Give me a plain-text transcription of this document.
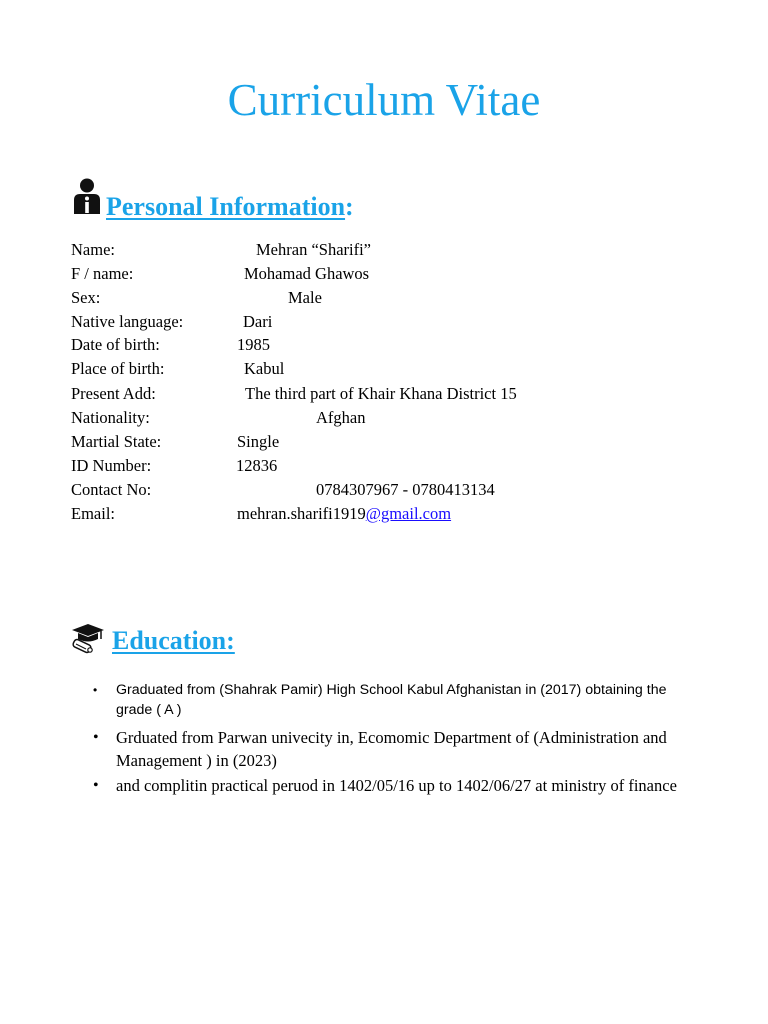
Curriculum Vitae
Personal Information :
Name:	Mehran “Sharifi”
F / name:	Mohamad Ghawos
Sex:	Male
Native language:	Dari
Date of birth:	1985
Place of birth:	Kabul
Present Add:	The third part of Khair Khana District 15
Nationality:	Afghan
Martial State:	Single
ID Number:	12836
Contact No:	0784307967 - 0780413134
Email:	mehran.sharifi1919@gmail.com
Education:
• Graduated from (Shahrak Pamir) High School Kabul Afghanistan in (2017) obtaining the grade ( A )
• Grduated from Parwan univecity in, Ecomomic Department of (Administration and Management ) in (2023)
• and complitin practical peruod in 1402/05/16 up to 1402/06/27 at ministry of finance
